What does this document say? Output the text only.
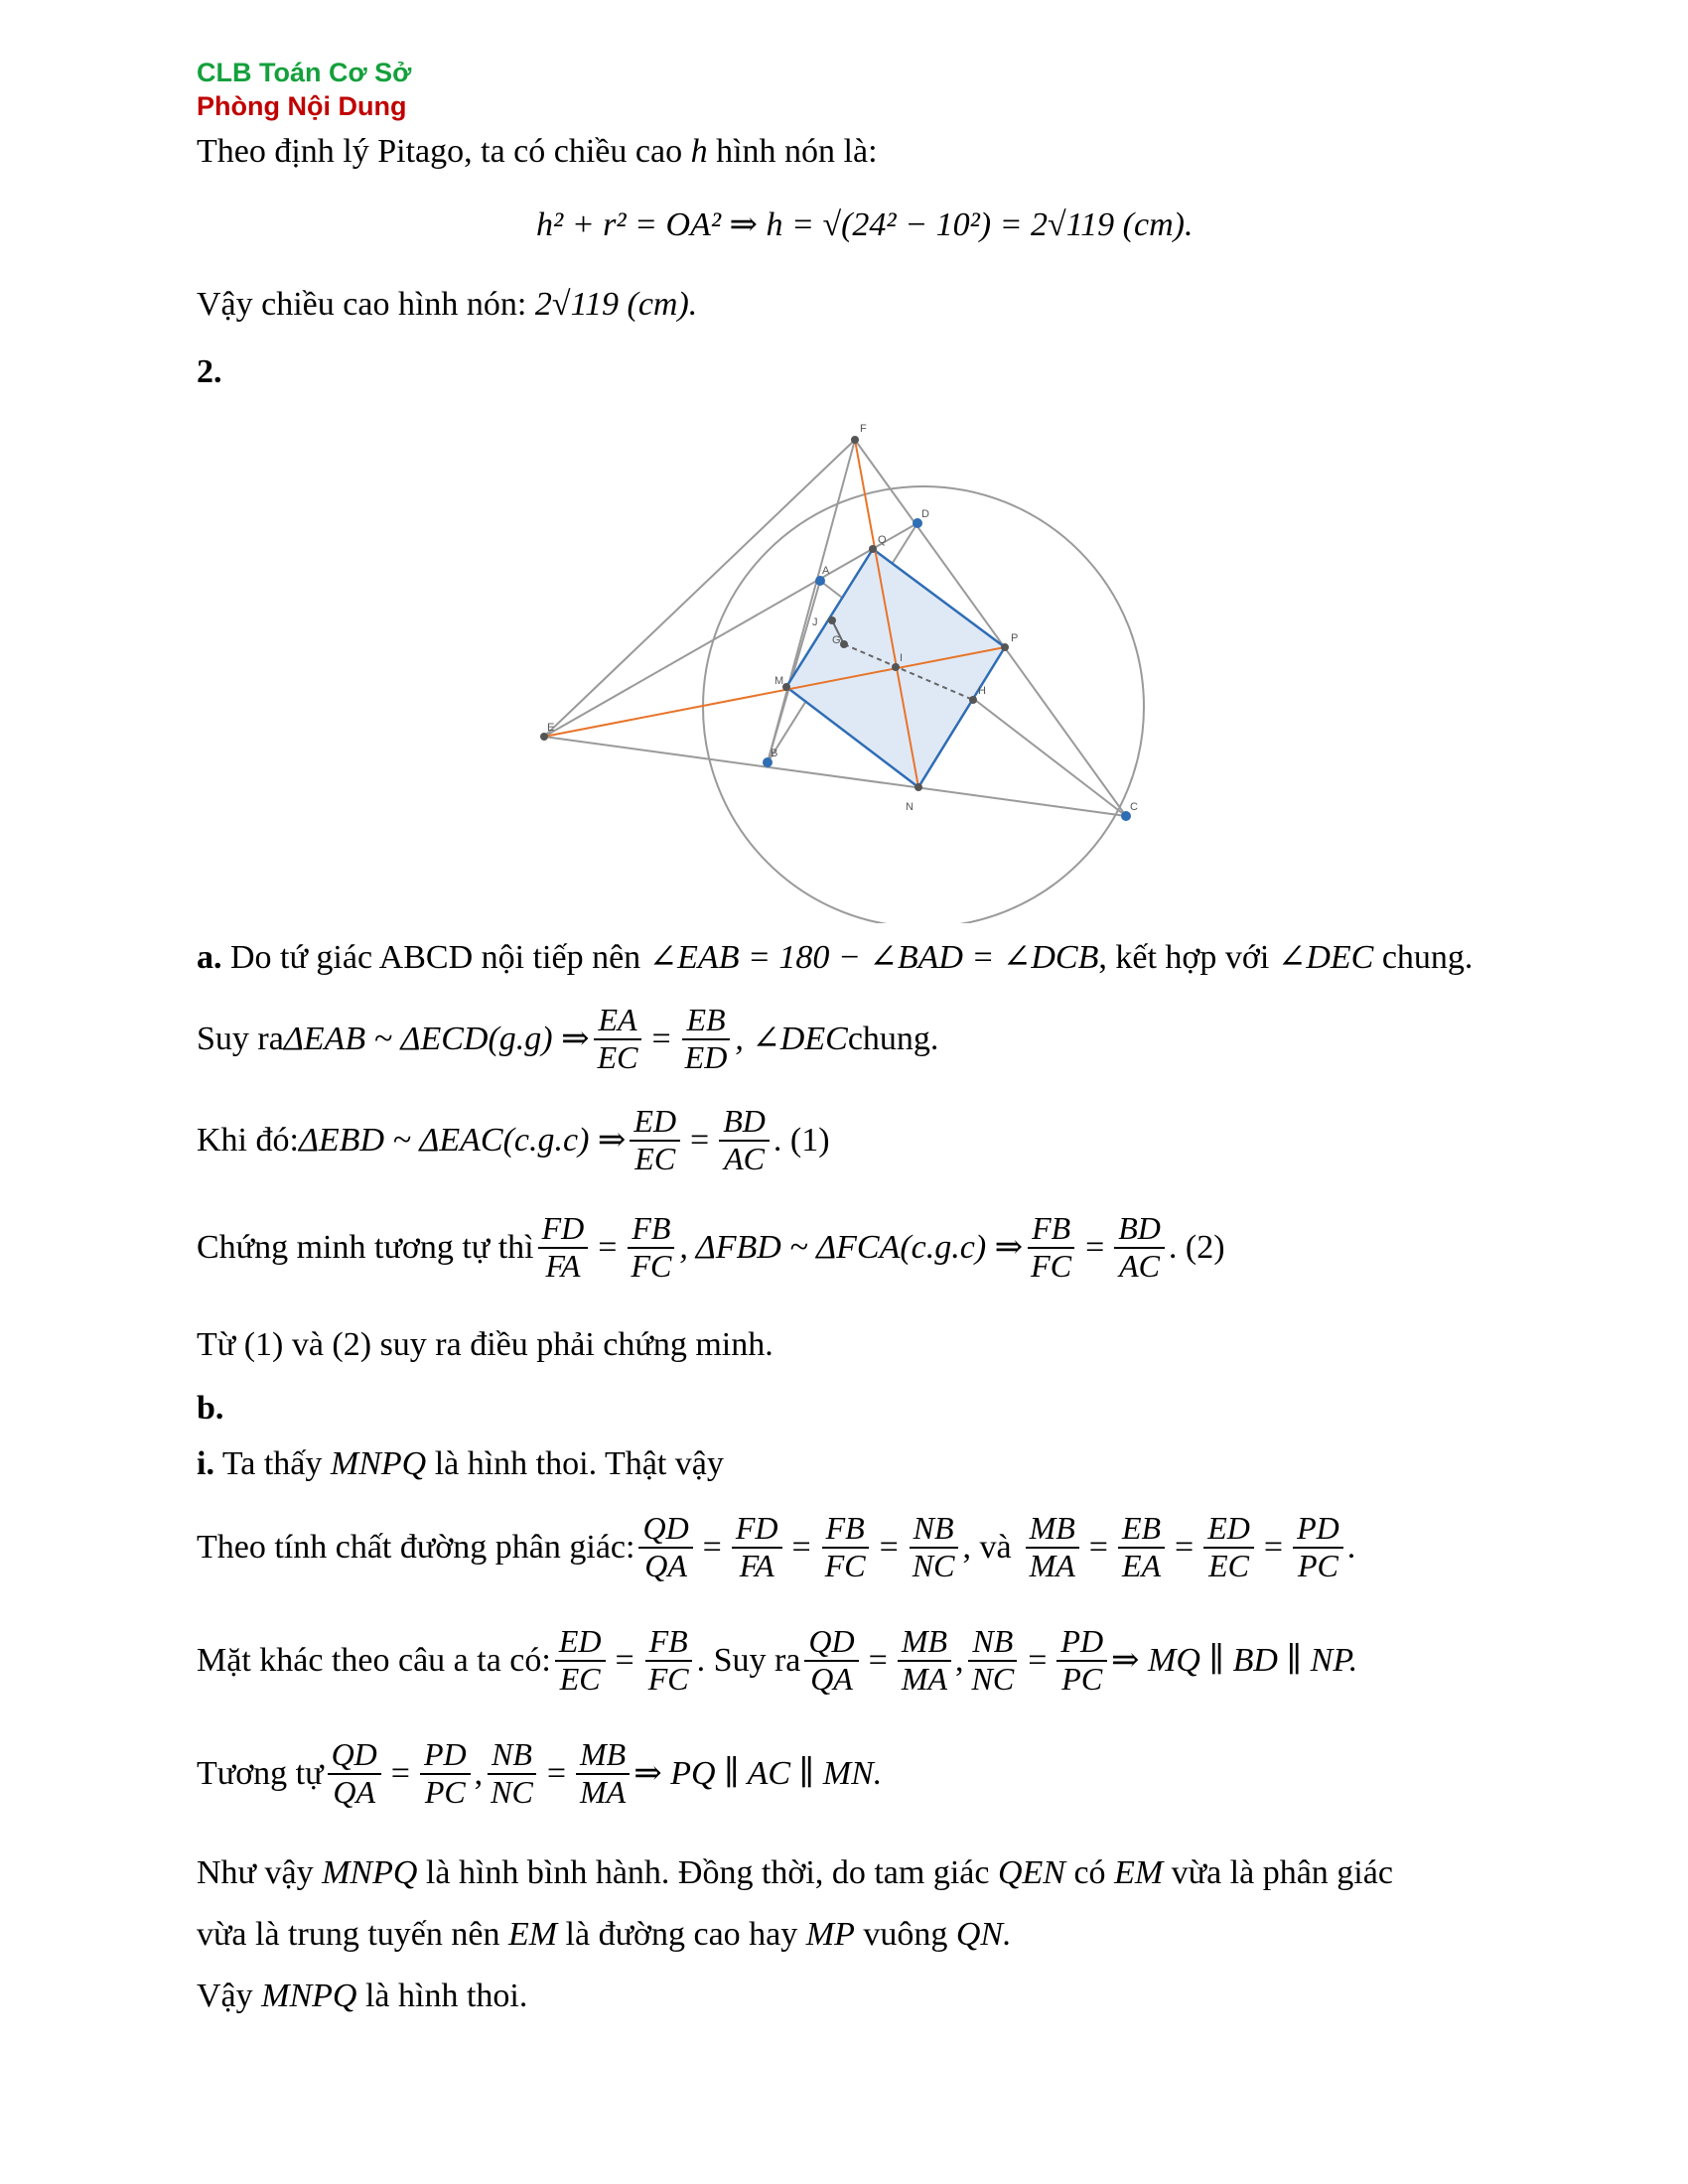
CLB Toán Cơ Sở
Phòng Nội Dung
Theo định lý Pitago, ta có chiều cao h hình nón là:
h² + r² = OA² ⇒ h = √(24² − 10²) = 2√119 (cm).
Vậy chiều cao hình nón: 2√119 (cm).
2.
F
D
Q
A
J
G
I
P
H
M
E
B
N	C
a. Do tứ giác ABCD nội tiếp nên ∠EAB = 180 − ∠BAD = ∠DCB, kết hợp với ∠DEC chung.
Suy ra ΔEAB ~ ΔECD(g.g) ⇒ $\frac{EA}{EC} = \frac{EB}{ED}$ , ∠DEC chung.
Khi đó: ΔEBD ~ ΔEAC(c.g.c) ⇒ $\frac{ED}{EC} = \frac{BD}{AC}$ . (1)
Chứng minh tương tự thì $\frac{FD}{FA} = \frac{FB}{FC}$ , ΔFBD ~ ΔFCA(c.g.c) ⇒ $\frac{FB}{FC} = \frac{BD}{AC}$ . (2)
Từ (1) và (2) suy ra điều phải chứng minh.
b.
i. Ta thấy MNPQ là hình thoi. Thật vậy
Theo tính chất đường phân giác: $\frac{QD}{QA} = \frac{FD}{FA} = \frac{FB}{FC} = \frac{NB}{NC}$ , và $\frac{MB}{MA} = \frac{EB}{EA} = \frac{ED}{EC} = \frac{PD}{PC}$ .
Mặt khác theo câu a ta có: $\frac{ED}{EC} = \frac{FB}{FC}$ . Suy ra $\frac{QD}{QA} = \frac{MB}{MA}$ , $\frac{NB}{NC} = \frac{PD}{PC}$ ⇒ MQ ∥ BD ∥ NP.
Tương tự $\frac{QD}{QA} = \frac{PD}{PC}$ , $\frac{NB}{NC} = \frac{MB}{MA}$ ⇒ PQ ∥ AC ∥ MN.
Như vậy MNPQ là hình bình hành. Đồng thời, do tam giác QEN có EM vừa là phân giác
vừa là trung tuyến nên EM là đường cao hay MP vuông QN.
Vậy MNPQ là hình thoi.
